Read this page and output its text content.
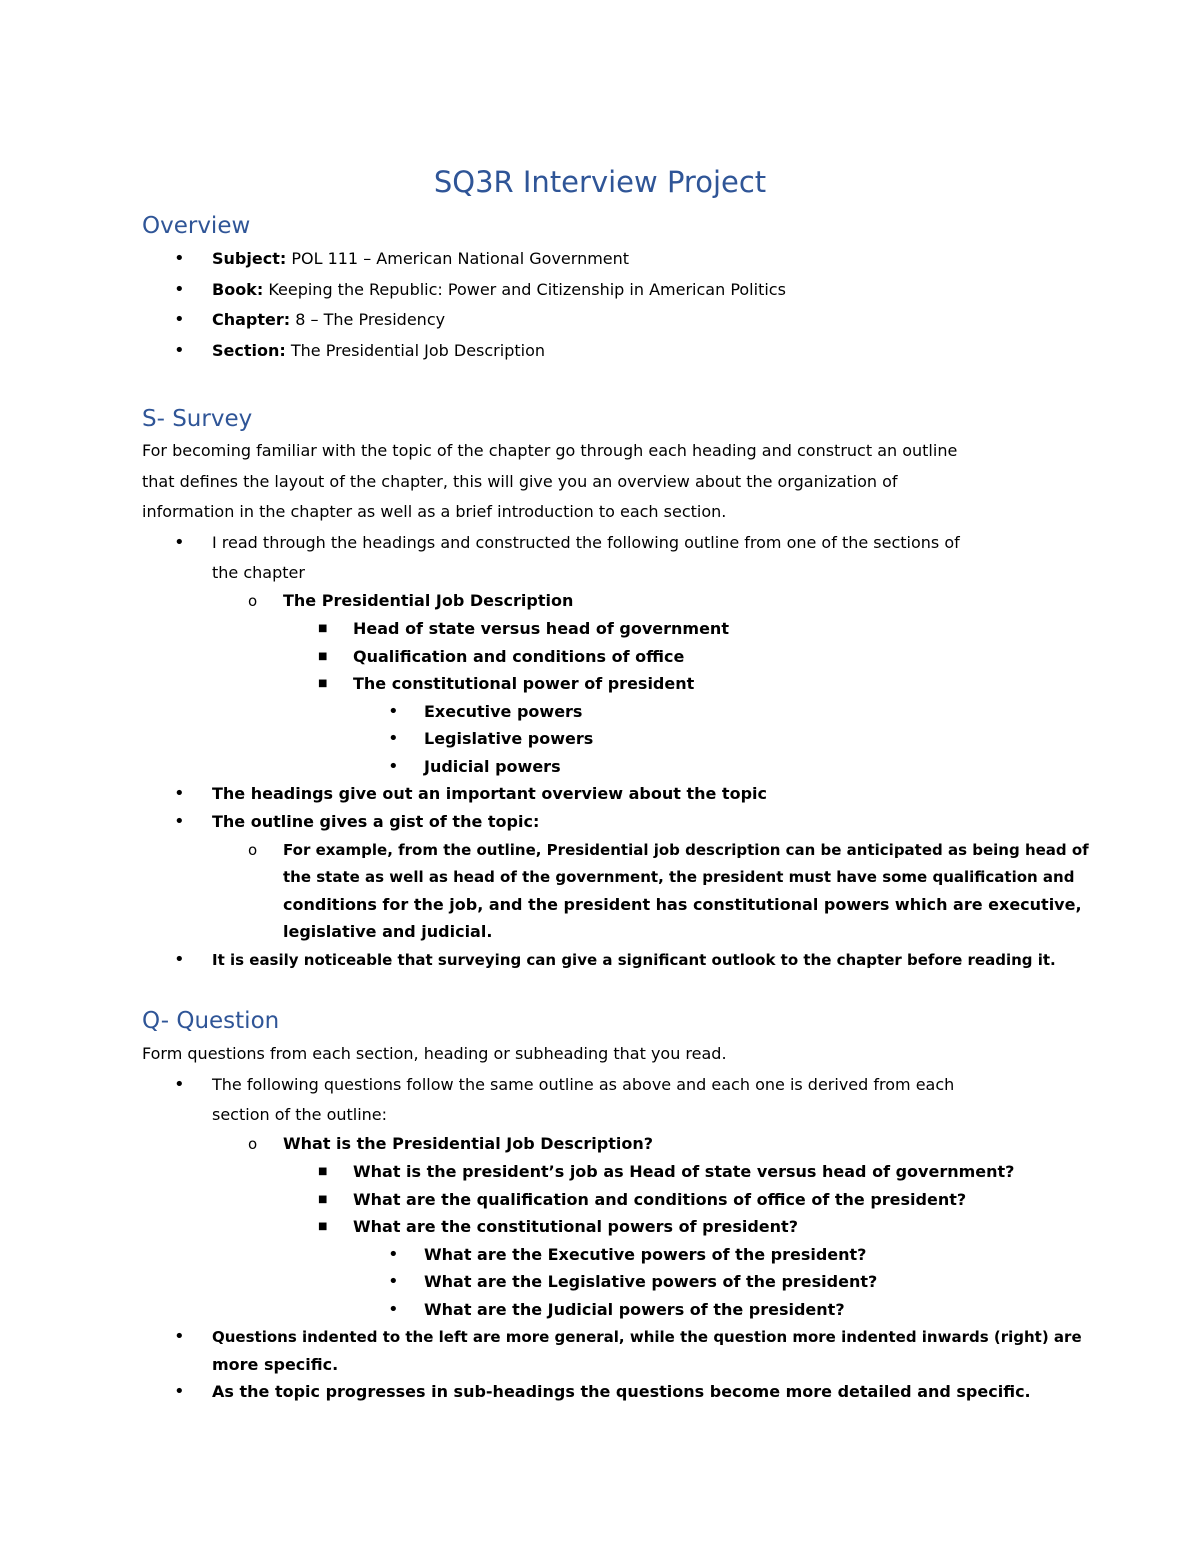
SQ3R Interview Project
Overview
• Subject: POL 111 – American National Government
• Book: Keeping the Republic: Power and Citizenship in American Politics
• Chapter: 8 – The Presidency
• Section: The Presidential Job Description
S- Survey
For becoming familiar with the topic of the chapter go through each heading and construct an outline
that defines the layout of the chapter, this will give you an overview about the organization of
information in the chapter as well as a brief introduction to each section.
• I read through the headings and constructed the following outline from one of the sections of
the chapter
o The Presidential Job Description
■ Head of state versus head of government
■ Qualification and conditions of office
■ The constitutional power of president
• Executive powers
• Legislative powers
• Judicial powers
• The headings give out an important overview about the topic
• The outline gives a gist of the topic:
o For example, from the outline, Presidential job description can be anticipated as being head of
the state as well as head of the government, the president must have some qualification and
conditions for the job, and the president has constitutional powers which are executive,
legislative and judicial.
• It is easily noticeable that surveying can give a significant outlook to the chapter before reading it.
Q- Question
Form questions from each section, heading or subheading that you read.
• The following questions follow the same outline as above and each one is derived from each
section of the outline:
o What is the Presidential Job Description?
■ What is the president’s job as Head of state versus head of government?
■ What are the qualification and conditions of office of the president?
■ What are the constitutional powers of president?
• What are the Executive powers of the president?
• What are the Legislative powers of the president?
• What are the Judicial powers of the president?
• Questions indented to the left are more general, while the question more indented inwards (right) are
more specific.
• As the topic progresses in sub-headings the questions become more detailed and specific.
